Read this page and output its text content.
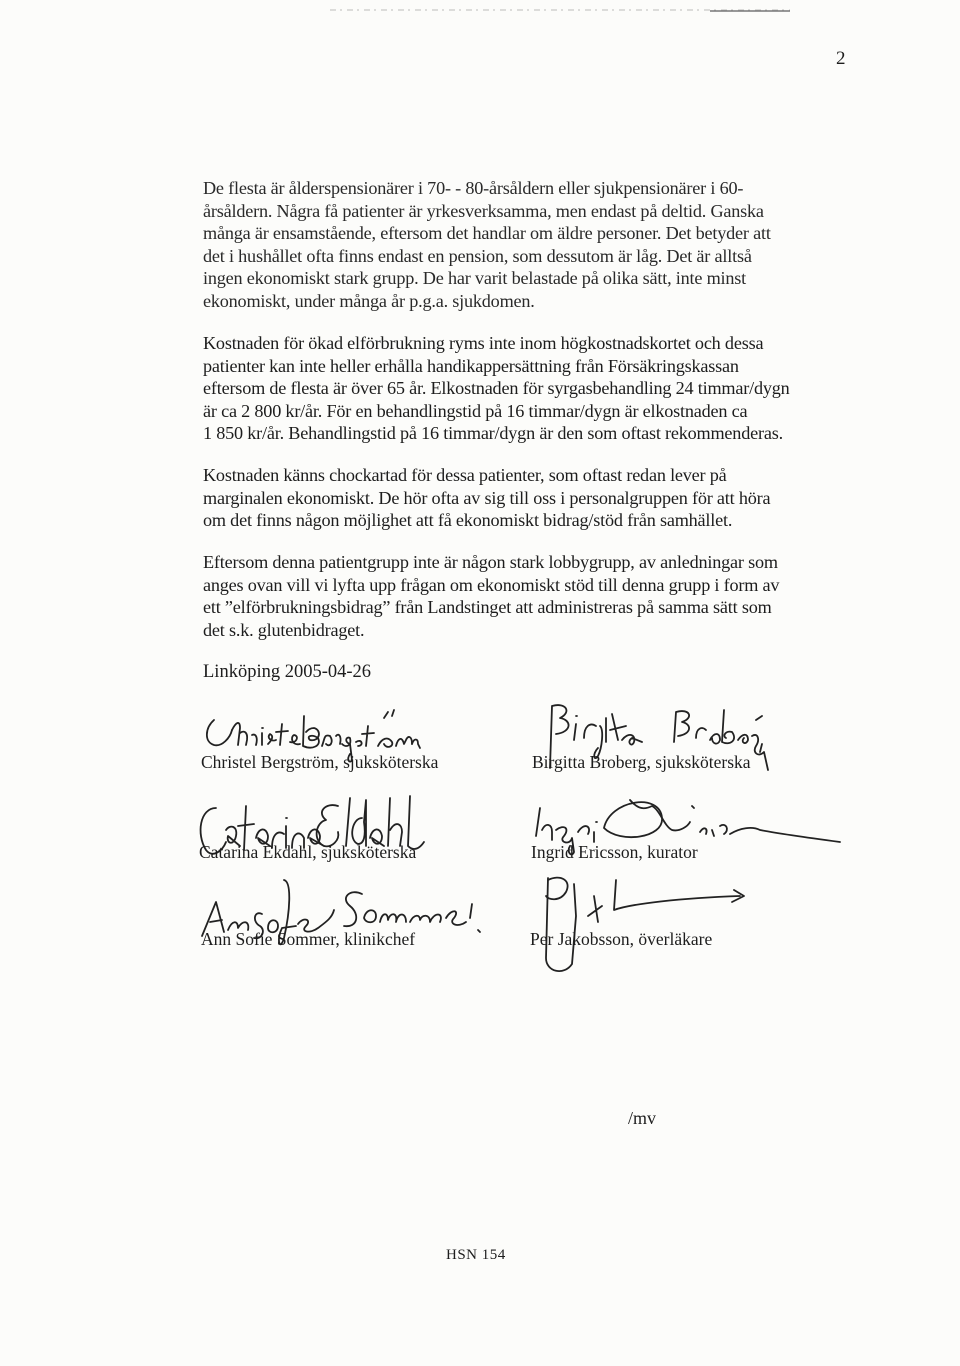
2

De flesta är ålderspensionärer i 70- - 80-årsåldern eller sjukpensionärer i 60-

årsåldern. Några få patienter är yrkesverksamma, men endast på deltid. Ganska

många är ensamstående, eftersom det handlar om äldre personer. Det betyder att

det i hushållet ofta finns endast en pension, som dessutom är låg. Det är alltså

ingen ekonomiskt stark grupp. De har varit belastade på olika sätt, inte minst

ekonomiskt, under många år p.g.a. sjukdomen.

Kostnaden för ökad elförbrukning ryms inte inom högkostnadskortet och dessa

patienter kan inte heller erhålla handikappersättning från Försäkringskassan

eftersom de flesta är över 65 år. Elkostnaden för syrgasbehandling 24 timmar/dygn

är ca 2 800 kr/år. För en behandlingstid på 16 timmar/dygn är elkostnaden ca

1 850 kr/år. Behandlingstid på 16 timmar/dygn är den som oftast rekommenderas.

Kostnaden känns chockartad för dessa patienter, som oftast redan lever på

marginalen ekonomiskt. De hör ofta av sig till oss i personalgruppen för att höra

om det finns någon möjlighet att få ekonomiskt bidrag/stöd från samhället.

Eftersom denna patientgrupp inte är någon stark lobbygrupp, av anledningar som

anges ovan vill vi lyfta upp frågan om ekonomiskt stöd till denna grupp i form av

ett ”elförbrukningsbidrag” från Landstinget att administreras på samma sätt som

det s.k. glutenbidraget.

Linköping 2005-04-26
Christel Bergström, sjuksköterska	Birgitta Broberg, sjuksköterska
Catarina Ekdahl, sjuksköterska	Ingrid Ericsson, kurator
Ann Sofie Sommer, klinikchef	Per Jakobsson, överläkare
/mv
HSN 154
